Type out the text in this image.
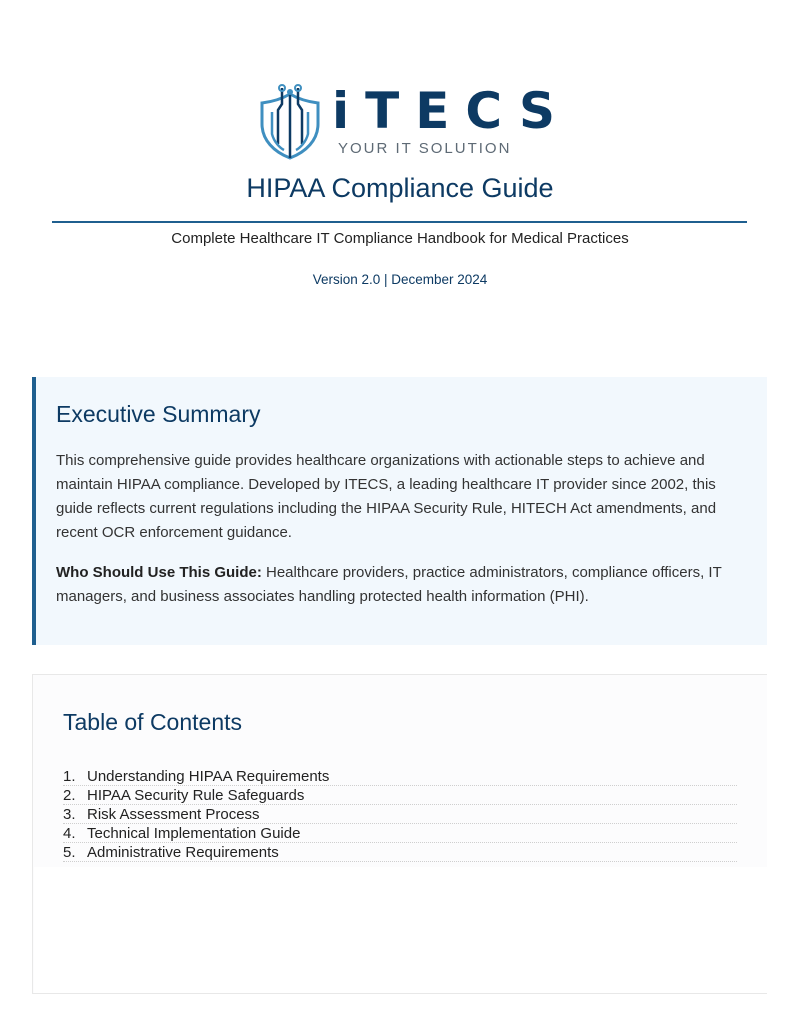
iTECS
YOUR IT SOLUTION
HIPAA Compliance Guide
Complete Healthcare IT Compliance Handbook for Medical Practices
Version 2.0 | December 2024
Executive Summary

This comprehensive guide provides healthcare organizations with actionable steps to achieve and maintain HIPAA compliance. Developed by ITECS, a leading healthcare IT provider since 2002, this guide reflects current regulations including the HIPAA Security Rule, HITECH Act amendments, and recent OCR enforcement guidance.

Who Should Use This Guide: Healthcare providers, practice administrators, compliance officers, IT managers, and business associates handling protected health information (PHI).

Table of Contents
1. Understanding HIPAA Requirements
2. HIPAA Security Rule Safeguards
3. Risk Assessment Process
4. Technical Implementation Guide
5. Administrative Requirements
